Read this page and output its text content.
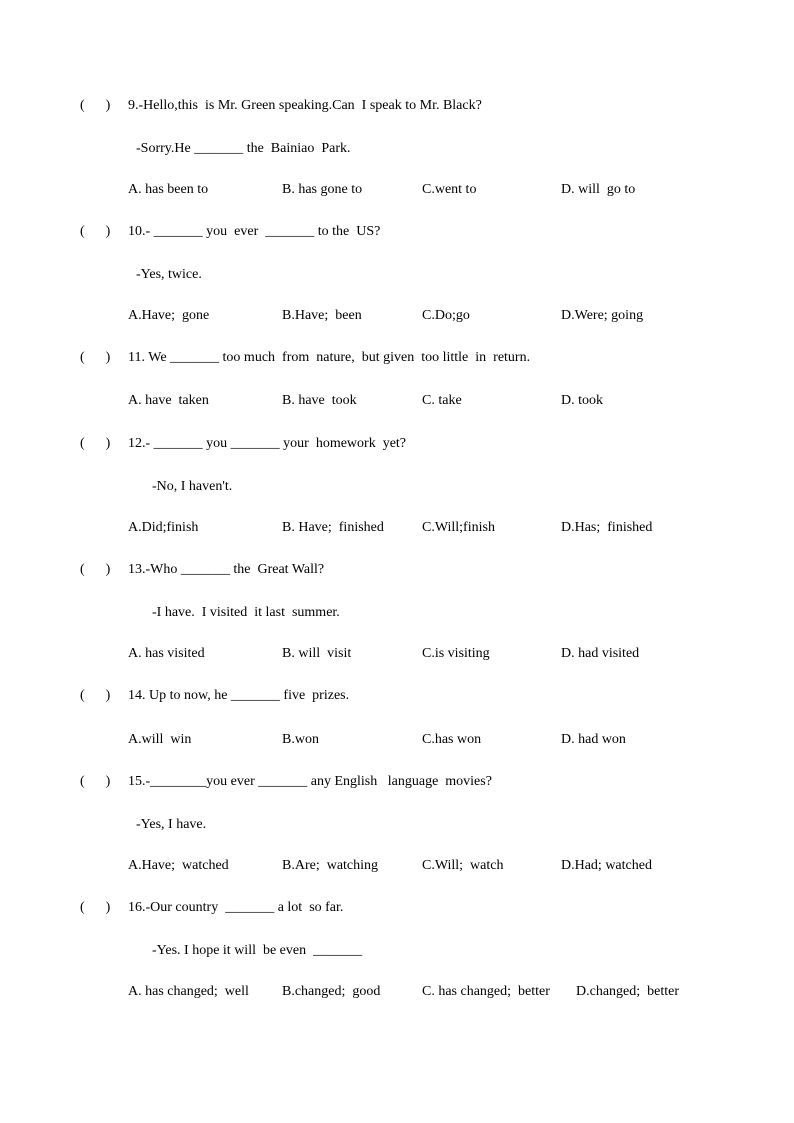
(      ) 9.-Hello,this  is Mr. Green speaking.Can  I speak to Mr. Black?
-Sorry.He _______ the  Bainiao  Park.
A. has been to	B. has gone to	C.went to	D. will  go to
(      ) 10.- _______ you  ever  _______ to the  US?
-Yes, twice.
A.Have;  gone	B.Have;  been	C.Do;go	D.Were; going
(      ) 11. We _______ too much  from  nature,  but given  too little  in  return.
A. have  taken	B. have  took	C. take	D. took
(      ) 12.- _______ you _______ your  homework  yet?
-No, I haven't.
A.Did;finish	B. Have;  finished	C.Will;finish	D.Has;  finished
(      ) 13.-Who _______ the  Great Wall?
-I have.  I visited  it last  summer.
A. has visited	B. will  visit	C.is visiting	D. had visited
(      ) 14. Up to now, he _______ five  prizes.
A.will  win	B.won	C.has won	D. had won
(      ) 15.-________you ever _______ any English   language  movies?
-Yes, I have.
A.Have;  watched	B.Are;  watching	C.Will;  watch	D.Had; watched
(      ) 16.-Our country  _______ a lot  so far.
-Yes. I hope it will  be even  _______
A. has changed;  well B.changed;  good	C. has changed;  better D.changed;  better
